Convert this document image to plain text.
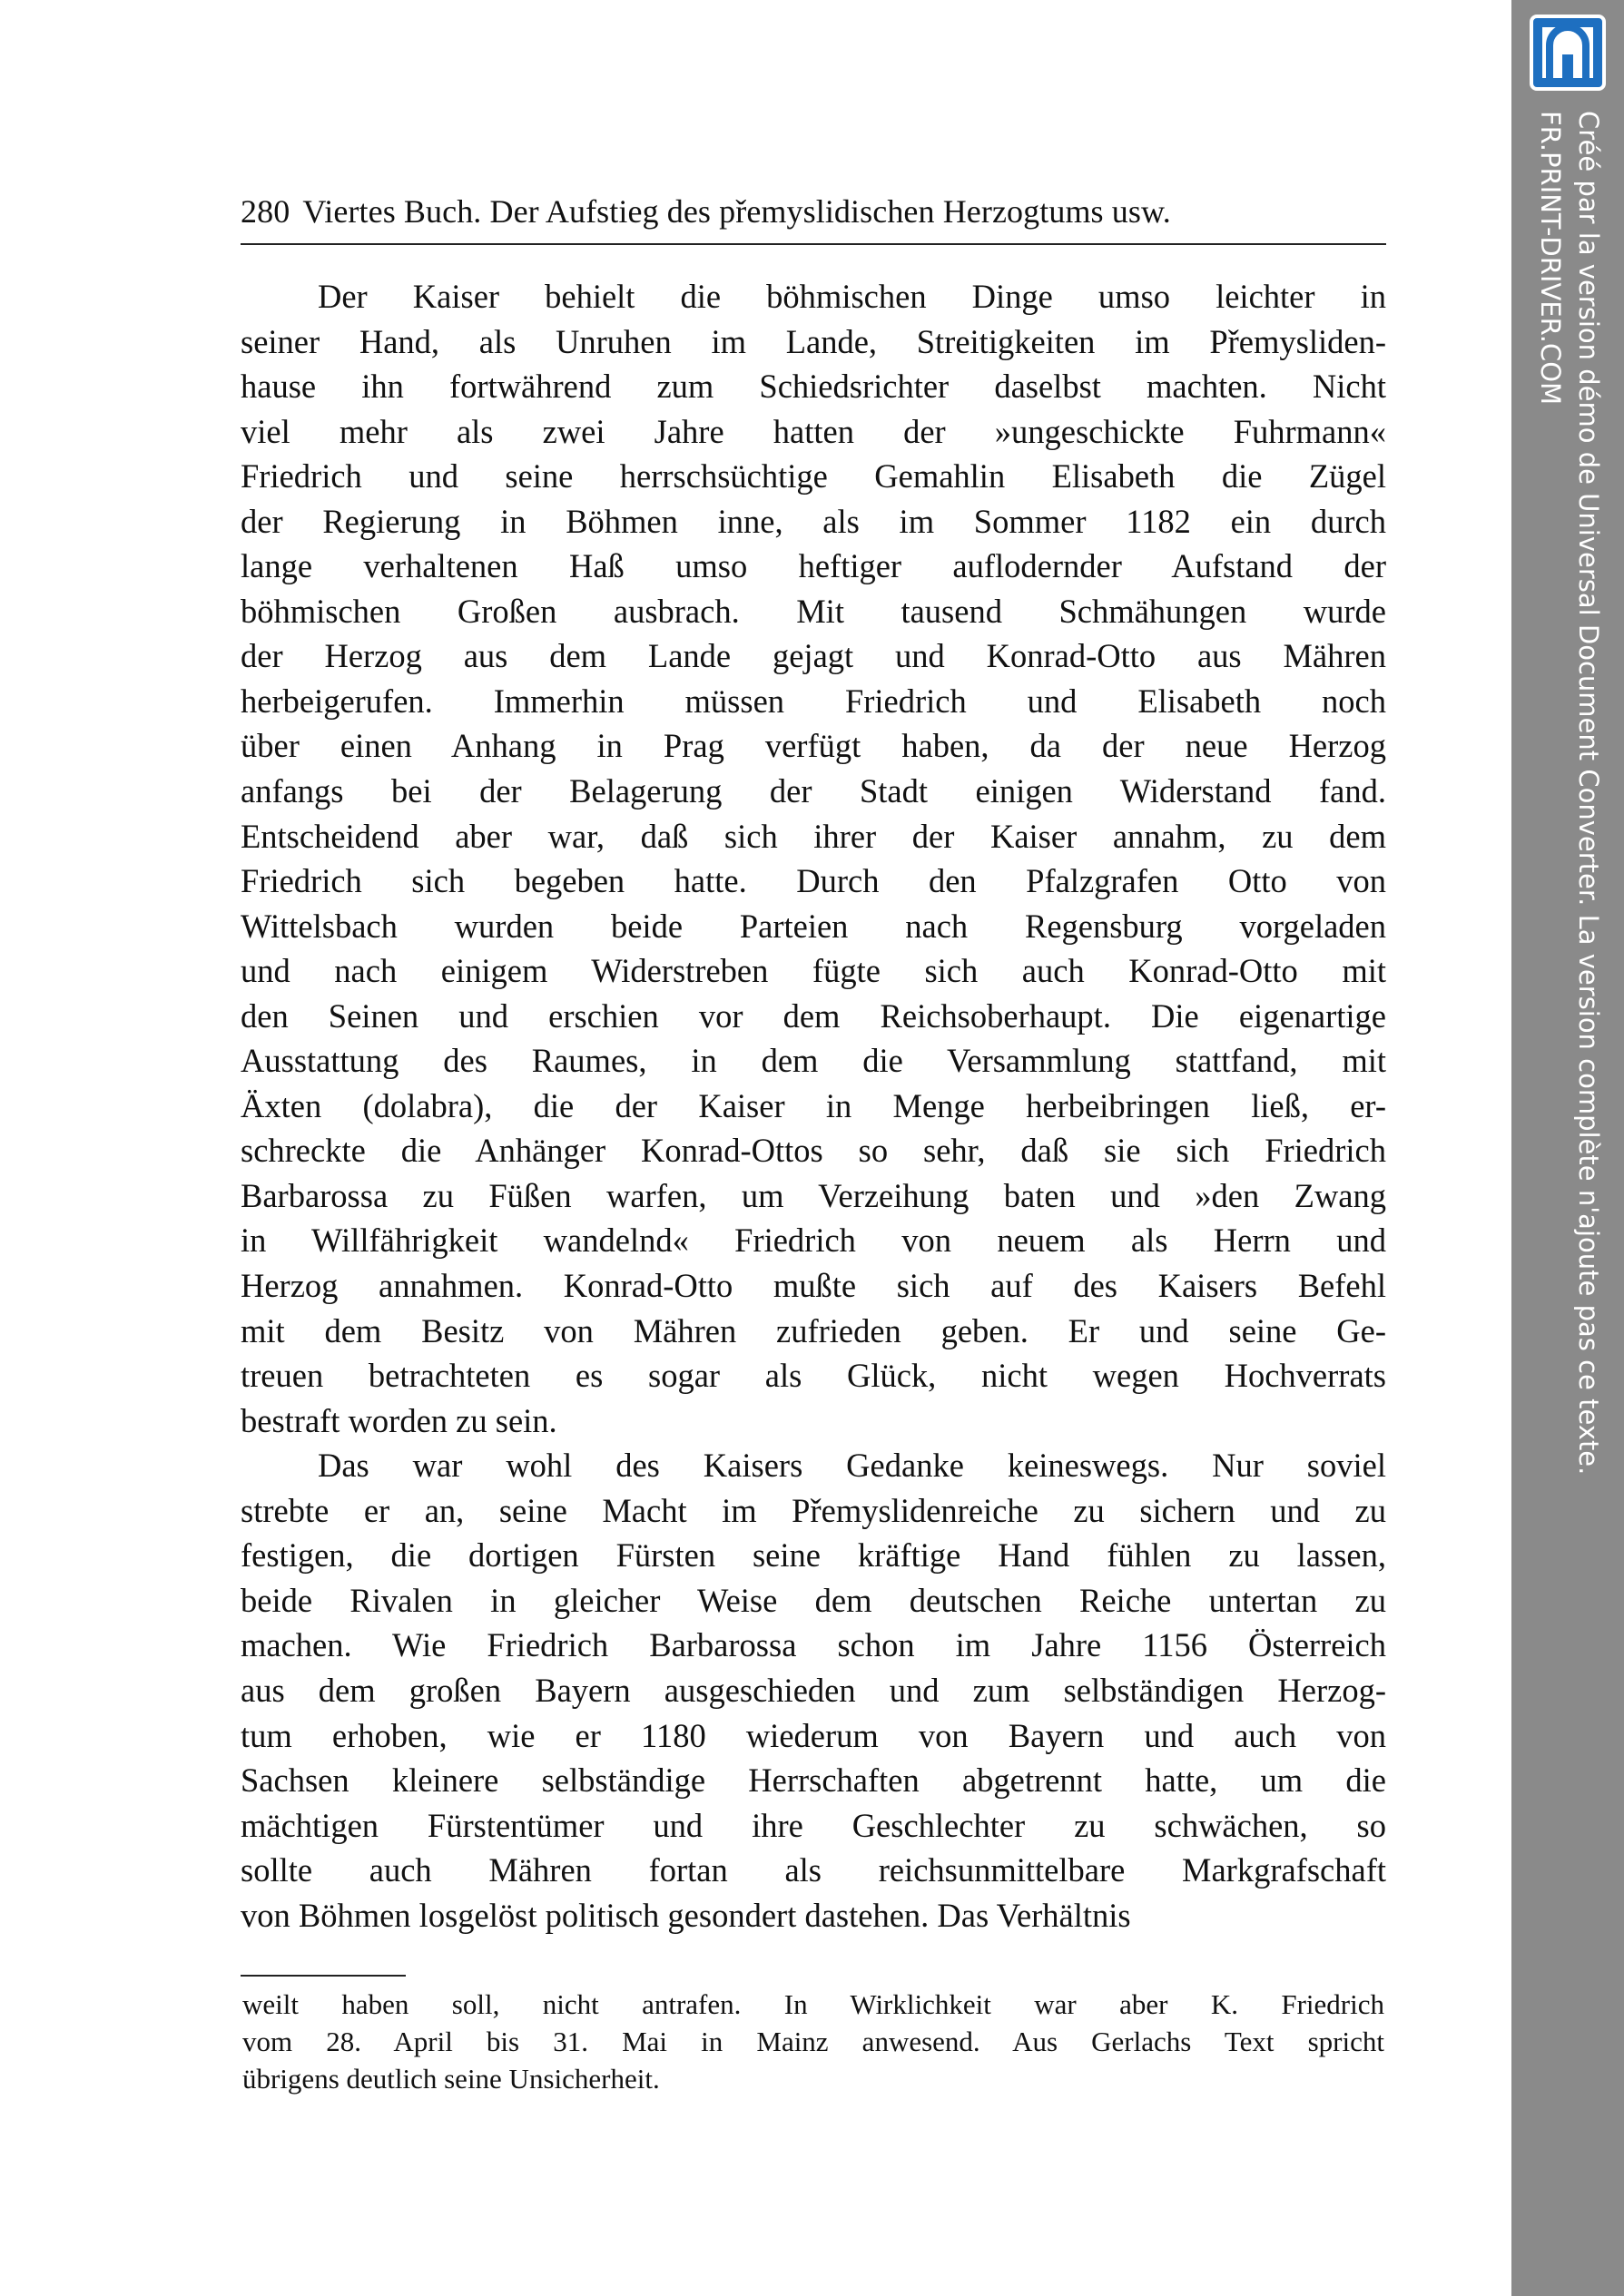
Créé par la version démo de Universal Document Converter. La version complète n'ajoute pas ce texte.
FR.PRINT-DRIVER.COM
280 Viertes Buch. Der Aufstieg des přemyslidischen Herzogtums usw.

Der Kaiser behielt die böhmischen Dinge umso leichter in
seiner Hand, als Unruhen im Lande, Streitigkeiten im Přemysliden-
hause ihn fortwährend zum Schiedsrichter daselbst machten. Nicht
viel mehr als zwei Jahre hatten der »ungeschickte Fuhrmann«
Friedrich und seine herrschsüchtige Gemahlin Elisabeth die Zügel
der Regierung in Böhmen inne, als im Sommer 1182 ein durch
lange verhaltenen Haß umso heftiger auflodernder Aufstand der
böhmischen Großen ausbrach. Mit tausend Schmähungen wurde
der Herzog aus dem Lande gejagt und Konrad-Otto aus Mähren
herbeigerufen. Immerhin müssen Friedrich und Elisabeth noch
über einen Anhang in Prag verfügt haben, da der neue Herzog
anfangs bei der Belagerung der Stadt einigen Widerstand fand.
Entscheidend aber war, daß sich ihrer der Kaiser annahm, zu dem
Friedrich sich begeben hatte. Durch den Pfalzgrafen Otto von
Wittelsbach wurden beide Parteien nach Regensburg vorgeladen
und nach einigem Widerstreben fügte sich auch Konrad-Otto mit
den Seinen und erschien vor dem Reichsoberhaupt. Die eigenartige
Ausstattung des Raumes, in dem die Versammlung stattfand, mit
Äxten (dolabra), die der Kaiser in Menge herbeibringen ließ, er-
schreckte die Anhänger Konrad-Ottos so sehr, daß sie sich Friedrich
Barbarossa zu Füßen warfen, um Verzeihung baten und »den Zwang
in Willfährigkeit wandelnd« Friedrich von neuem als Herrn und
Herzog annahmen. Konrad-Otto mußte sich auf des Kaisers Befehl
mit dem Besitz von Mähren zufrieden geben. Er und seine Ge-
treuen betrachteten es sogar als Glück, nicht wegen Hochverrats
bestraft worden zu sein.

Das war wohl des Kaisers Gedanke keineswegs. Nur soviel
strebte er an, seine Macht im Přemyslidenreiche zu sichern und zu
festigen, die dortigen Fürsten seine kräftige Hand fühlen zu lassen,
beide Rivalen in gleicher Weise dem deutschen Reiche untertan zu
machen. Wie Friedrich Barbarossa schon im Jahre 1156 Österreich
aus dem großen Bayern ausgeschieden und zum selbständigen Herzog-
tum erhoben, wie er 1180 wiederum von Bayern und auch von
Sachsen kleinere selbständige Herrschaften abgetrennt hatte, um die
mächtigen Fürstentümer und ihre Geschlechter zu schwächen, so
sollte auch Mähren fortan als reichsunmittelbare Markgrafschaft
von Böhmen losgelöst politisch gesondert dastehen. Das Verhältnis

weilt haben soll, nicht antrafen. In Wirklichkeit war aber K. Friedrich
vom 28. April bis 31. Mai in Mainz anwesend. Aus Gerlachs Text spricht
übrigens deutlich seine Unsicherheit.
